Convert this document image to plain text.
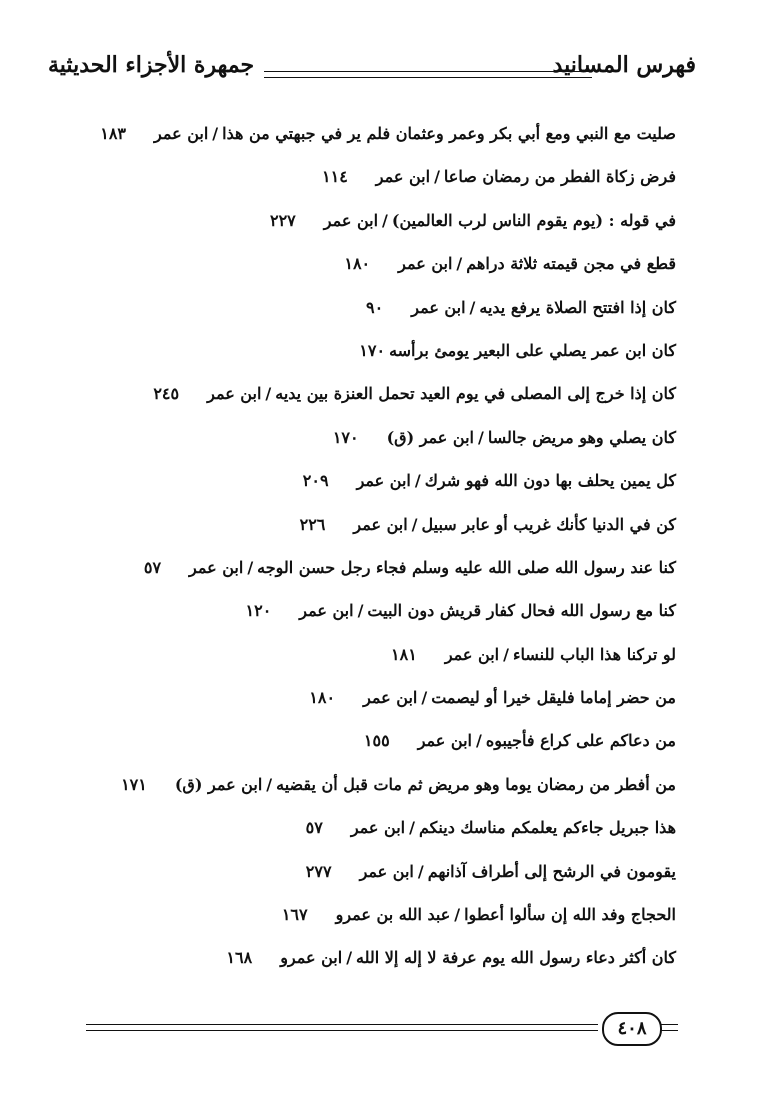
فهرس المسانيد
جمهرة الأجزاء الحديثية
صليت مع النبي ومع أبي بكر وعمر وعثمان فلم ير في جبهتي من هذا/ابن عمر١٨٣
فرض زكاة الفطر من رمضان صاعا/ابن عمر١١٤
في قوله : (يوم يقوم الناس لرب العالمين)/ابن عمر٢٢٧
قطع في مجن قيمته ثلاثة دراهم/ابن عمر١٨٠
كان إذا افتتح الصلاة يرفع يديه/ابن عمر٩٠
كان ابن عمر يصلي على البعير يومئ برأسه١٧٠
كان إذا خرج إلى المصلى في يوم العيد تحمل العنزة بين يديه/ابن عمر٢٤٥
كان يصلي وهو مريض جالسا/ابن عمر (ق)١٧٠
كل يمين يحلف بها دون الله فهو شرك/ابن عمر٢٠٩
كن في الدنيا كأنك غريب أو عابر سبيل/ابن عمر٢٢٦
كنا عند رسول الله صلى الله عليه وسلم فجاء رجل حسن الوجه/ابن عمر٥٧
كنا مع رسول الله فحال كفار قريش دون البيت/ابن عمر١٢٠
لو تركنا هذا الباب للنساء/ابن عمر١٨١
من حضر إماما فليقل خيرا أو ليصمت/ابن عمر١٨٠
من دعاكم على كراع فأجيبوه/ابن عمر١٥٥
من أفطر من رمضان يوما وهو مريض ثم مات قبل أن يقضيه/ابن عمر (ق)١٧١
هذا جبريل جاءكم يعلمكم مناسك دينكم/ابن عمر٥٧
يقومون في الرشح إلى أطراف آذانهم/ابن عمر٢٧٧
الحجاج وفد الله إن سألوا أعطوا/عبد الله بن عمرو١٦٧
كان أكثر دعاء رسول الله يوم عرفة لا إله إلا الله/ابن عمرو١٦٨
٤٠٨
